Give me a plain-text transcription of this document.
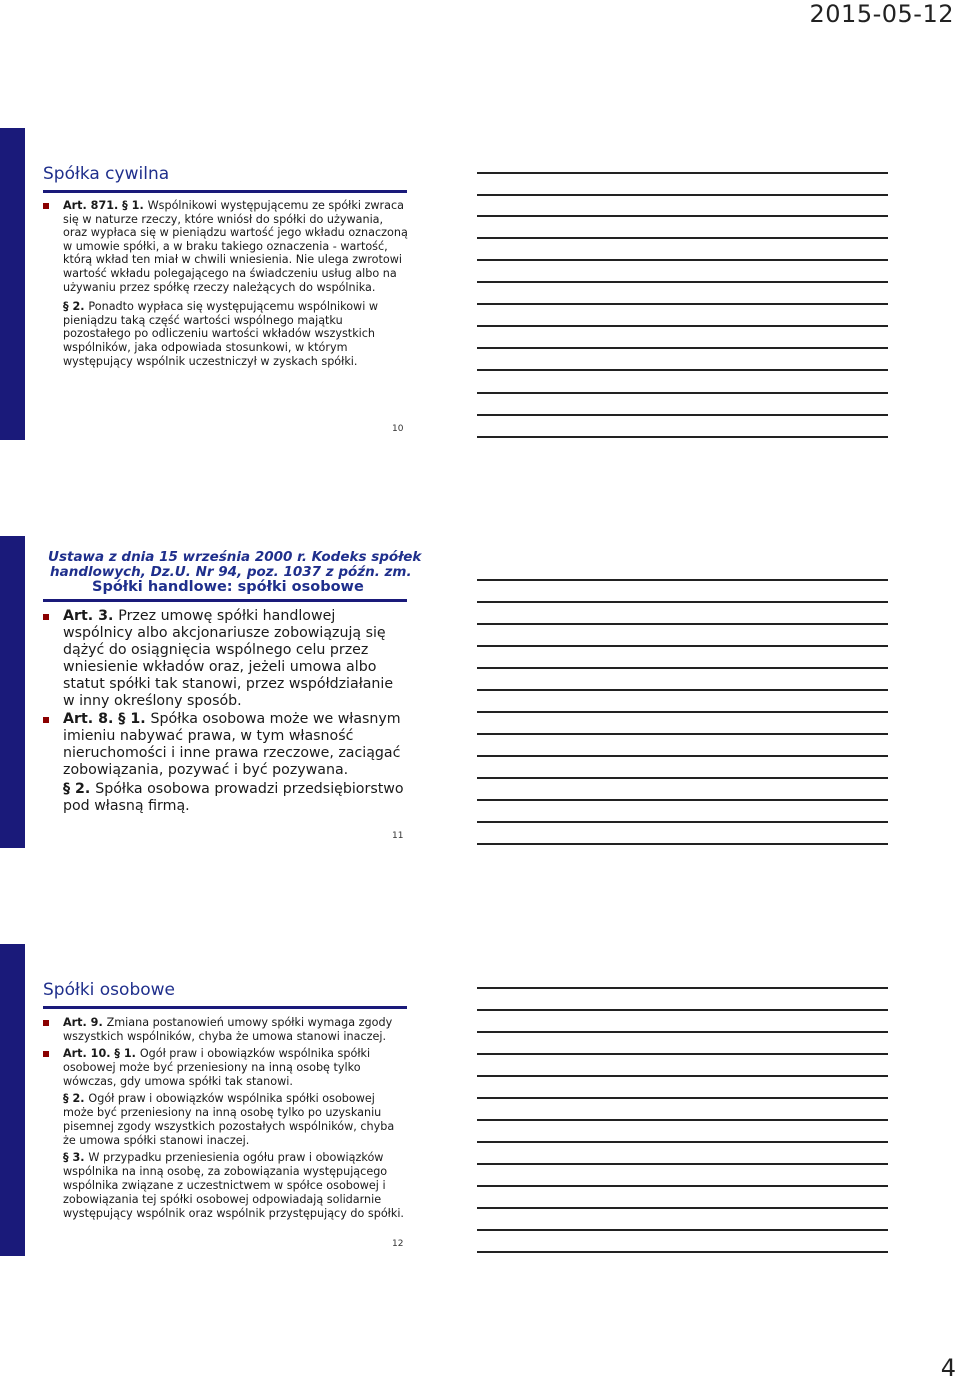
2015-05-12
Spółka cywilna
Art. 871. § 1. Wspólnikowi występującemu ze spółki zwraca się w naturze rzeczy, które wniósł do spółki do używania, oraz wypłaca się w pieniądzu wartość jego wkładu oznaczoną w umowie spółki, a w braku takiego oznaczenia - wartość, którą wkład ten miał w chwili wniesienia. Nie ulega zwrotowi wartość wkładu polegającego na świadczeniu usług albo na używaniu przez spółkę rzeczy należących do wspólnika.
§ 2. Ponadto wypłaca się występującemu wspólnikowi w pieniądzu taką część wartości wspólnego majątku pozostałego po odliczeniu wartości wkładów wszystkich wspólników, jaka odpowiada stosunkowi, w którym występujący wspólnik uczestniczył w zyskach spółki.
10
Ustawa z dnia 15 września 2000 r. Kodeks spółek
handlowych, Dz.U. Nr 94, poz. 1037 z późn. zm.
Spółki handlowe: spółki osobowe
Art. 3. Przez umowę spółki handlowej wspólnicy albo akcjonariusze zobowiązują się dążyć do osiągnięcia wspólnego celu przez wniesienie wkładów oraz, jeżeli umowa albo statut spółki tak stanowi, przez współdziałanie w inny określony sposób.
Art. 8. § 1. Spółka osobowa może we własnym imieniu nabywać prawa, w tym własność nieruchomości i inne prawa rzeczowe, zaciągać zobowiązania, pozywać i być pozywana.
§ 2. Spółka osobowa prowadzi przedsiębiorstwo pod własną firmą.
11
Spółki osobowe
Art. 9. Zmiana postanowień umowy spółki wymaga zgody wszystkich wspólników, chyba że umowa stanowi inaczej.
Art. 10. § 1. Ogół praw i obowiązków wspólnika spółki osobowej może być przeniesiony na inną osobę tylko wówczas, gdy umowa spółki tak stanowi.
§ 2. Ogół praw i obowiązków wspólnika spółki osobowej może być przeniesiony na inną osobę tylko po uzyskaniu pisemnej zgody wszystkich pozostałych wspólników, chyba że umowa spółki stanowi inaczej.
§ 3. W przypadku przeniesienia ogółu praw i obowiązków wspólnika na inną osobę, za zobowiązania występującego wspólnika związane z uczestnictwem w spółce osobowej i zobowiązania tej spółki osobowej odpowiadają solidarnie występujący wspólnik oraz wspólnik przystępujący do spółki.
12
4
